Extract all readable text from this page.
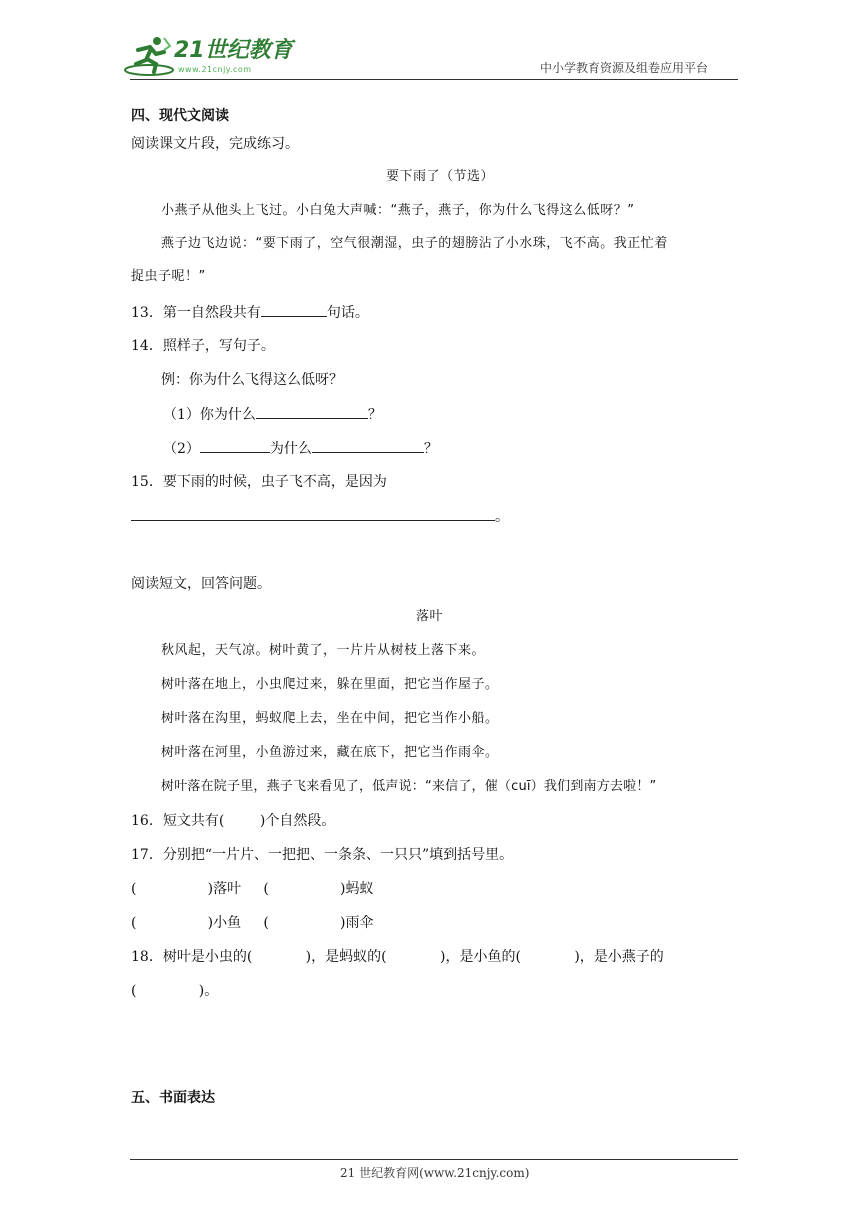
21世纪教育
www.21cnjy.com	中小学教育资源及组卷应用平台
四、现代文阅读
阅读课文片段，完成练习。
要下雨了（节选）
小燕子从他头上飞过。小白兔大声喊：“燕子，燕子，你为什么飞得这么低呀？”
燕子边飞边说：“要下雨了，空气很潮湿，虫子的翅膀沾了小水珠，飞不高。我正忙着
捉虫子呢！”
13．第一自然段共有	句话。
14．照样子，写句子。
例：你为什么飞得这么低呀？
（1）你为什么	？
（2）	为什么	？
15．要下雨的时候，虫子飞不高，是因为
。
阅读短文，回答问题。
落叶
秋风起，天气凉。树叶黄了，一片片从树枝上落下来。
树叶落在地上，小虫爬过来，躲在里面，把它当作屋子。
树叶落在沟里，蚂蚁爬上去，坐在中间，把它当作小船。
树叶落在河里，小鱼游过来，藏在底下，把它当作雨伞。
树叶落在院子里，燕子飞来看见了，低声说：“来信了，催（cuī）我们到南方去啦！”
16．短文共有(        )个自然段。
17．分别把“一片片、一把把、一条条、一只只”填到括号里。
(                )落叶     (                )蚂蚁
(                )小鱼     (                )雨伞
18．树叶是小虫的(            )，是蚂蚁的(            )，是小鱼的(            )，是小燕子的
(              )。
五、书面表达
21 世纪教育网(www.21cnjy.com)
